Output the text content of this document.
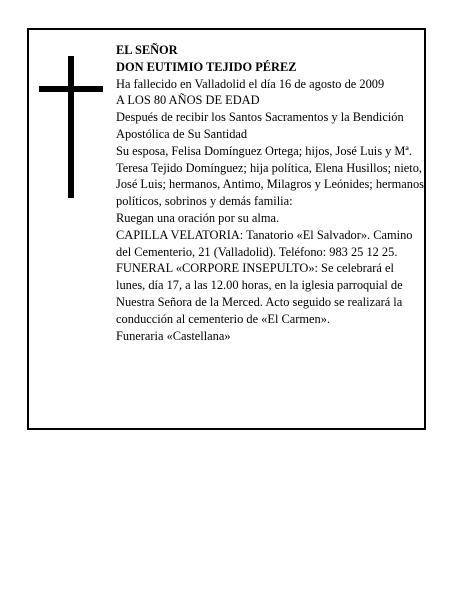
EL SEÑOR

DON EUTIMIO TEJIDO PÉREZ

Ha fallecido en Valladolid el día 16 de agosto de 2009

A LOS 80 AÑOS DE EDAD

Después de recibir los Santos Sacramentos y la Bendición Apostólica de Su Santidad

Su esposa, Felisa Domínguez Ortega; hijos, José Luis y Mª. Teresa Tejido Domínguez; hija política, Elena Husillos; nieto, José Luis; hermanos, Antimo, Milagros y Leónides; hermanos políticos, sobrinos y demás familia:

Ruegan una oración por su alma.

CAPILLA VELATORIA: Tanatorio «El Salvador». Camino del Cementerio, 21 (Valladolid). Teléfono: 983 25 12 25.

FUNERAL «CORPORE INSEPULTO»: Se celebrará el lunes, día 17, a las 12.00 horas, en la iglesia parroquial de Nuestra Señora de la Merced. Acto seguido se realizará la conducción al cementerio de «El Carmen».

Funeraria «Castellana»
